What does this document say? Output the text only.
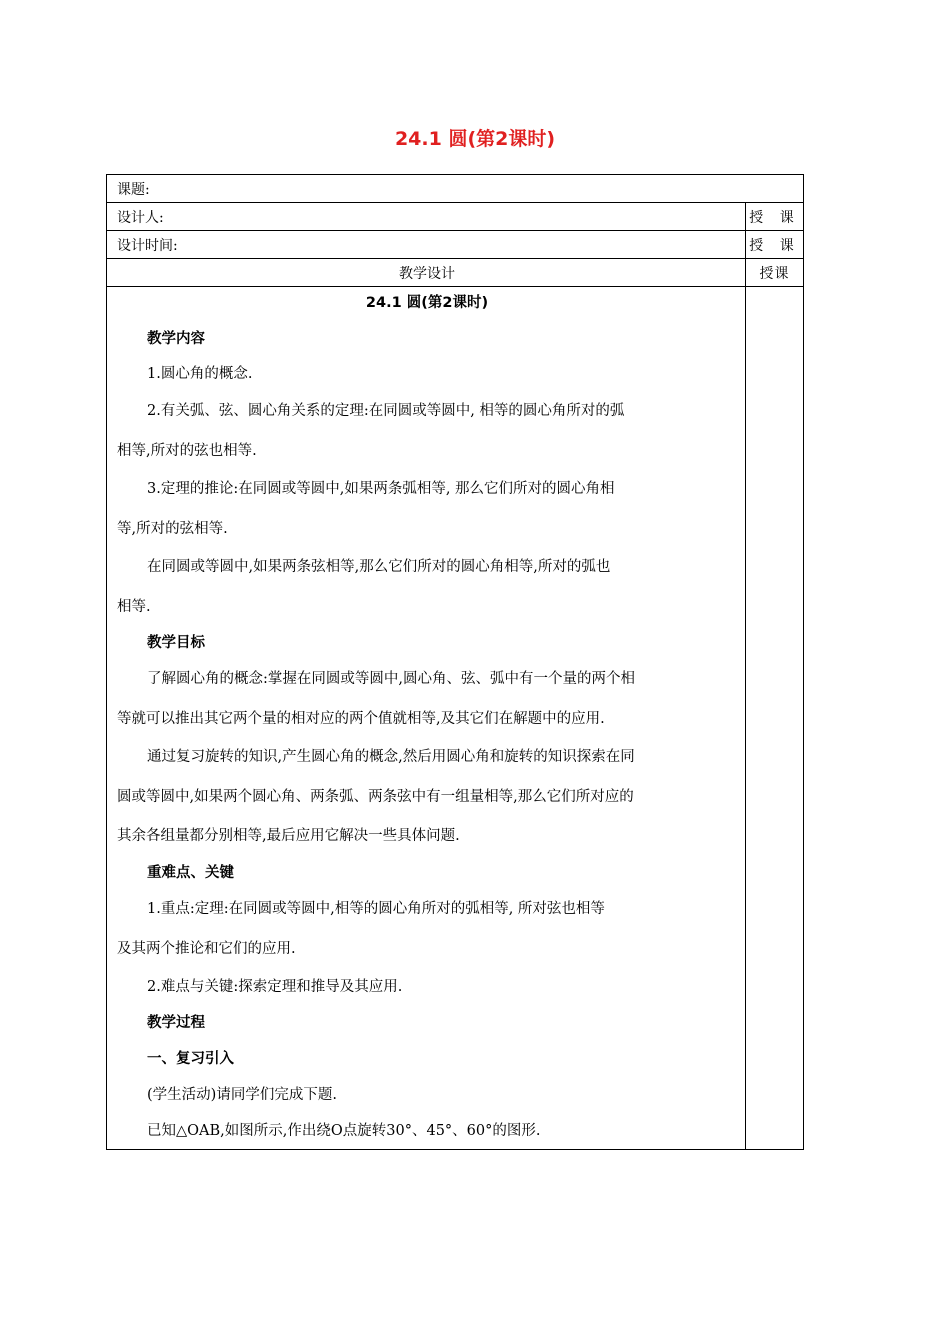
24.1 圆(第2课时)
课题:
设计人:	授 课
设计时间:	授 课
教学设计	授课
24.1 圆(第2课时)
教学内容
1.圆心角的概念.
2.有关弧、弦、圆心角关系的定理:在同圆或等圆中, 相等的圆心角所对的弧
相等,所对的弦也相等.
3.定理的推论:在同圆或等圆中,如果两条弧相等, 那么它们所对的圆心角相
等,所对的弦相等.
在同圆或等圆中,如果两条弦相等,那么它们所对的圆心角相等,所对的弧也
相等.
教学目标
了解圆心角的概念:掌握在同圆或等圆中,圆心角、弦、弧中有一个量的两个相
等就可以推出其它两个量的相对应的两个值就相等,及其它们在解题中的应用.
通过复习旋转的知识,产生圆心角的概念,然后用圆心角和旋转的知识探索在同
圆或等圆中,如果两个圆心角、两条弧、两条弦中有一组量相等,那么它们所对应的
其余各组量都分别相等,最后应用它解决一些具体问题.
重难点、关键
1.重点:定理:在同圆或等圆中,相等的圆心角所对的弧相等, 所对弦也相等
及其两个推论和它们的应用.
2.难点与关键:探索定理和推导及其应用.
教学过程
一、复习引入
(学生活动)请同学们完成下题.
已知△OAB,如图所示,作出绕O点旋转30°、45°、60°的图形.
